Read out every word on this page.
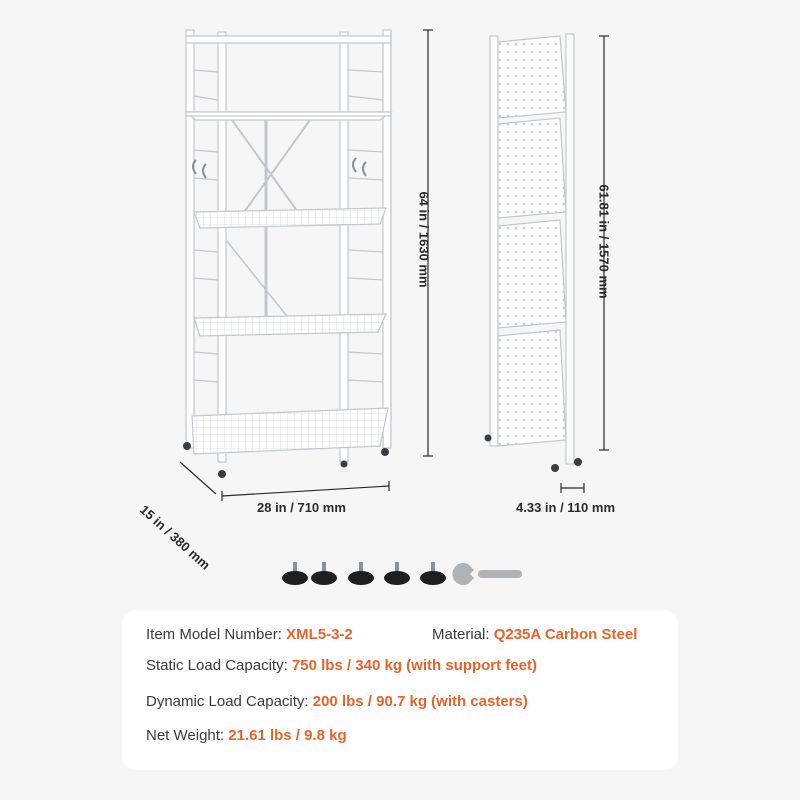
64 in / 1630 mm
28 in / 710 mm
15 in / 380 mm
61.81 in / 1570 mm
4.33 in / 110 mm
Item Model Number: XML5-3-2	Material: Q235A Carbon Steel
Static Load Capacity: 750 lbs / 340 kg (with support feet)
Dynamic Load Capacity: 200 lbs / 90.7 kg (with casters)
Net Weight: 21.61 lbs / 9.8 kg
